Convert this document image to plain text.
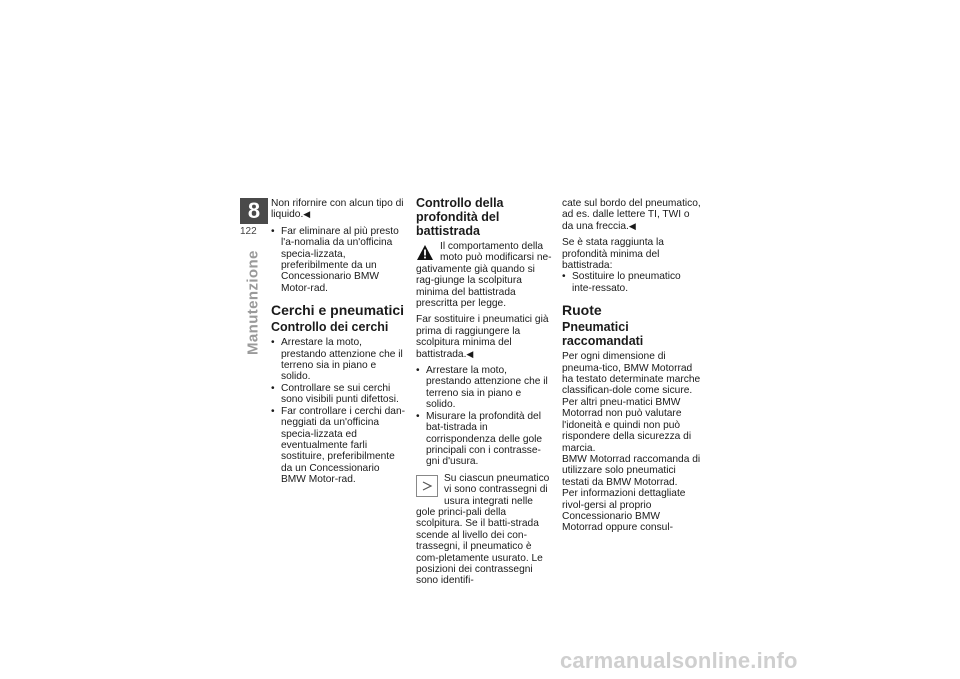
8
122
Manutenzione

Non rifornire con alcun tipo di liquido.◀

• Far eliminare al più presto l'a-nomalia da un'officina specia-lizzata, preferibilmente da un Concessionario BMW Motor-rad.
Cerchi e pneumatici
Controllo dei cerchi
• Arrestare la moto, prestando attenzione che il terreno sia in piano e solido.
• Controllare se sui cerchi sono visibili punti difettosi.
• Far controllare i cerchi dan-neggiati da un'officina specia-lizzata ed eventualmente farli sostituire, preferibilmente da un Concessionario BMW Motor-rad.
Controllo della profondità del battistrada

Il comportamento della moto può modificarsi ne-gativamente già quando si rag-giunge la scolpitura minima del battistrada prescritta per legge.

Far sostituire i pneumatici già prima di raggiungere la scolpitura minima del battistrada.◀

• Arrestare la moto, prestando attenzione che il terreno sia in piano e solido.
• Misurare la profondità del bat-tistrada in corrispondenza delle gole principali con i contrasse-gni d'usura.

Su ciascun pneumatico vi sono contrassegni di usura integrati nelle gole princi-pali della scolpitura. Se il batti-strada scende al livello dei con-trassegni, il pneumatico è com-pletamente usurato. Le posizioni dei contrassegni sono identifi-

cate sul bordo del pneumatico, ad es. dalle lettere TI, TWI o da una freccia.◀

Se è stata raggiunta la profondità minima del battistrada:

• Sostituire lo pneumatico inte-ressato.
Ruote
Pneumatici raccomandati

Per ogni dimensione di pneuma-tico, BMW Motorrad ha testato determinate marche classifican-dole come sicure. Per altri pneu-matici BMW Motorrad non può valutare l'idoneità e quindi non può rispondere della sicurezza di marcia.

BMW Motorrad raccomanda di utilizzare solo pneumatici testati da BMW Motorrad.

Per informazioni dettagliate rivol-gersi al proprio Concessionario BMW Motorrad oppure consul-

carmanualsonline.info
